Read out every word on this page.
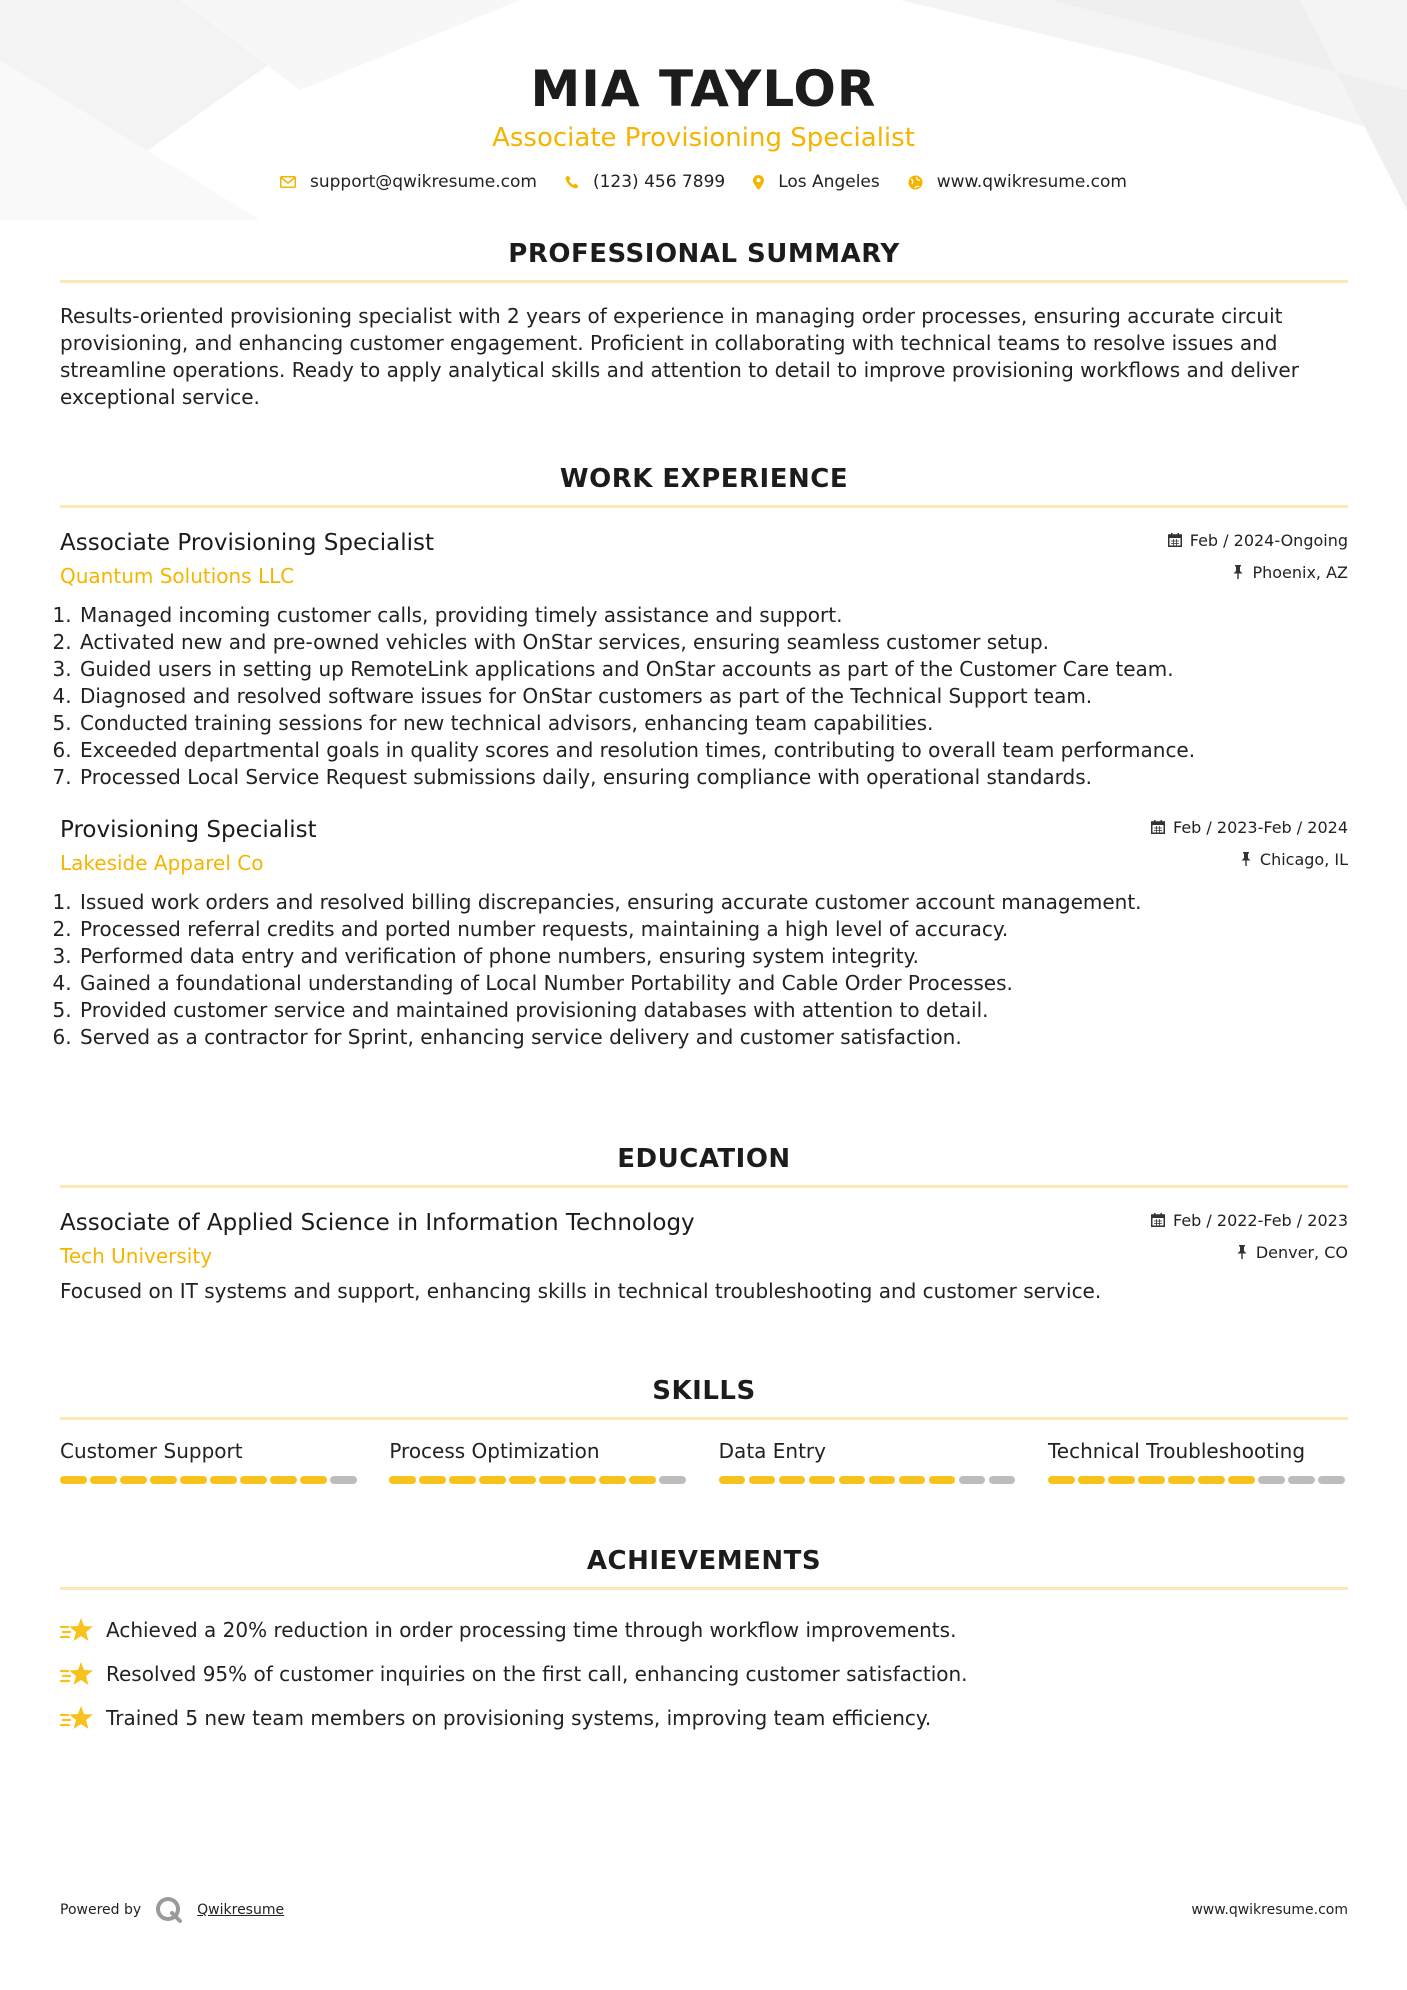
MIA TAYLOR
Associate Provisioning Specialist
support@qwikresume.com	(123) 456 7899	Los Angeles	www.qwikresume.com
PROFESSIONAL SUMMARY
Results-oriented provisioning specialist with 2 years of experience in managing order processes, ensuring accurate circuit provisioning, and enhancing customer engagement. Proficient in collaborating with technical teams to resolve issues and streamline operations. Ready to apply analytical skills and attention to detail to improve provisioning workflows and deliver exceptional service.
WORK EXPERIENCE
Associate Provisioning Specialist
Quantum Solutions LLC
Feb / 2024-Ongoing
Phoenix, AZ
1. Managed incoming customer calls, providing timely assistance and support.
2. Activated new and pre-owned vehicles with OnStar services, ensuring seamless customer setup.
3. Guided users in setting up RemoteLink applications and OnStar accounts as part of the Customer Care team.
4. Diagnosed and resolved software issues for OnStar customers as part of the Technical Support team.
5. Conducted training sessions for new technical advisors, enhancing team capabilities.
6. Exceeded departmental goals in quality scores and resolution times, contributing to overall team performance.
7. Processed Local Service Request submissions daily, ensuring compliance with operational standards.
Provisioning Specialist
Lakeside Apparel Co
Feb / 2023-Feb / 2024
Chicago, IL
1. Issued work orders and resolved billing discrepancies, ensuring accurate customer account management.
2. Processed referral credits and ported number requests, maintaining a high level of accuracy.
3. Performed data entry and verification of phone numbers, ensuring system integrity.
4. Gained a foundational understanding of Local Number Portability and Cable Order Processes.
5. Provided customer service and maintained provisioning databases with attention to detail.
6. Served as a contractor for Sprint, enhancing service delivery and customer satisfaction.
EDUCATION
Associate of Applied Science in Information Technology
Tech University
Feb / 2022-Feb / 2023
Denver, CO
Focused on IT systems and support, enhancing skills in technical troubleshooting and customer service.
SKILLS
Customer Support	Process Optimization	Data Entry	Technical Troubleshooting
ACHIEVEMENTS
Achieved a 20% reduction in order processing time through workflow improvements.
Resolved 95% of customer inquiries on the first call, enhancing customer satisfaction.
Trained 5 new team members on provisioning systems, improving team efficiency.
Powered by	Qwikresume	www.qwikresume.com
